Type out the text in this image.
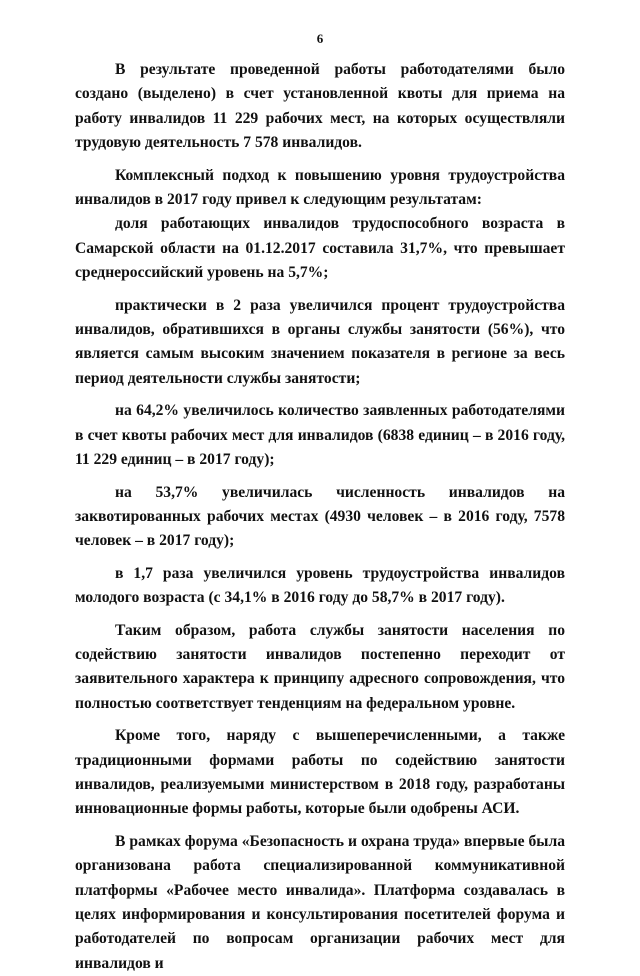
6

В результате проведенной работы работодателями было создано (выделено) в счет установленной квоты для приема на работу инвалидов 11 229 рабочих мест, на которых осуществляли трудовую деятельность 7 578 инвалидов.

Комплексный подход к повышению уровня трудоустройства инвалидов в 2017 году привел к следующим результатам:

доля работающих инвалидов трудоспособного возраста в Самарской области на 01.12.2017 составила 31,7%, что превышает среднероссийский уровень на 5,7%;

практически в 2 раза увеличился процент трудоустройства инвалидов, обратившихся в органы службы занятости (56%), что является самым высоким значением показателя в регионе за весь период деятельности службы занятости;

на 64,2% увеличилось количество заявленных работодателями в счет квоты рабочих мест для инвалидов (6838 единиц – в 2016 году, 11 229 единиц – в 2017 году);

на 53,7% увеличилась численность инвалидов на заквотированных рабочих местах (4930 человек – в 2016 году, 7578 человек – в 2017 году);

в 1,7 раза увеличился уровень трудоустройства инвалидов молодого возраста (с 34,1% в 2016 году до 58,7% в 2017 году).

Таким образом, работа службы занятости населения по содействию занятости инвалидов постепенно переходит от заявительного характера к принципу адресного сопровождения, что полностью соответствует тенденциям на федеральном уровне.

Кроме того, наряду с вышеперечисленными, а также традиционными формами работы по содействию занятости инвалидов, реализуемыми министерством в 2018 году, разработаны инновационные формы работы, которые были одобрены АСИ.

В рамках форума «Безопасность и охрана труда» впервые была организована работа специализированной коммуникативной платформы «Рабочее место инвалида». Платформа создавалась в целях информирования и консультирования посетителей форума и работодателей по вопросам организации рабочих мест для инвалидов и
